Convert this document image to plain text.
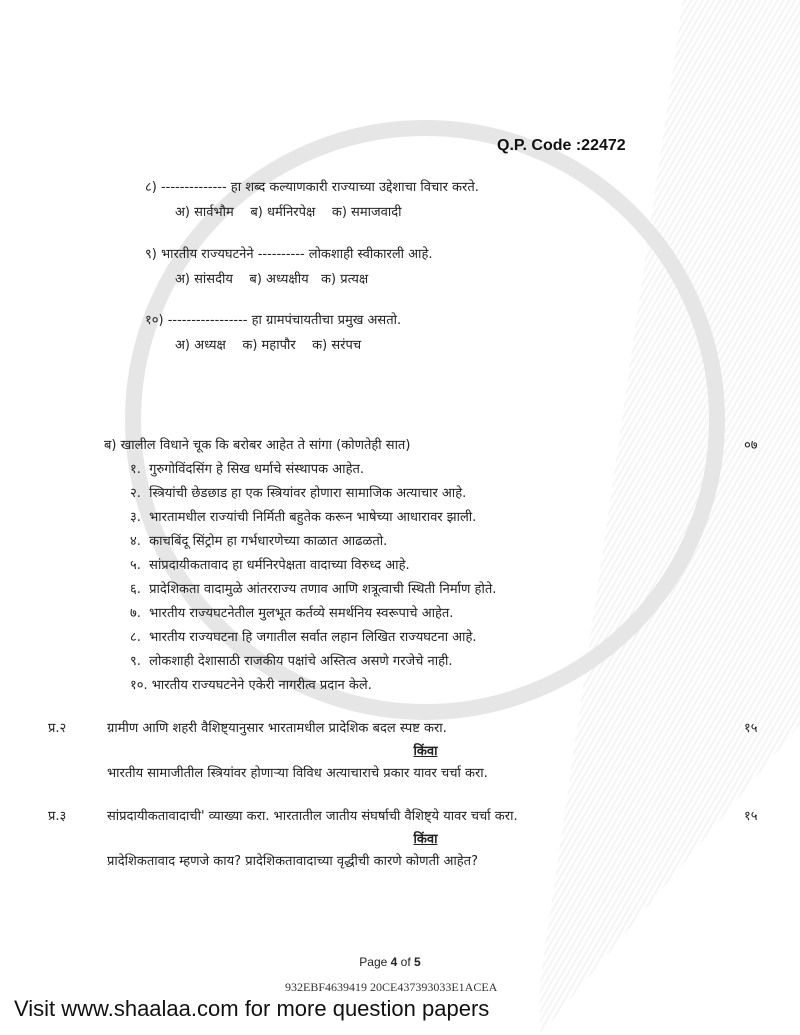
Q.P. Code :22472
८) -------------- हा शब्द कल्याणकारी राज्याच्या उद्देशाचा विचार करते.
अ) सार्वभौम    ब) धर्मनिरपेक्ष    क) समाजवादी
९) भारतीय राज्यघटनेने ---------- लोकशाही स्वीकारली आहे.
अ) सांसदीय    ब) अध्यक्षीय   क) प्रत्यक्ष
१०) ----------------- हा ग्रामपंचायतीचा प्रमुख असतो.
अ) अध्यक्ष    क) महापौर    क) सरंपच
ब) खालील विधाने चूक कि बरोबर आहेत ते सांगा (कोणतेही सात)	०७
१.  गुरुगोविंदसिंग हे सिख धर्माचे संस्थापक आहेत.
२.  स्त्रियांची छेडछाड हा एक स्त्रियांवर होणारा सामाजिक अत्याचार आहे.
३.  भारतामधील राज्यांची निर्मिती बहुतेक करून भाषेच्या आधारावर झाली.
४.  काचबिंदू सिंट्रोम हा गर्भधारणेच्या काळात आढळतो.
५.  सांप्रदायीकतावाद हा धर्मनिरपेक्षता वादाच्या विरुध्द आहे.
६.  प्रादेशिकता वादामुळे आंतरराज्य तणाव आणि शत्रूत्वाची स्थिती निर्माण होते.
७.  भारतीय राज्यघटनेतील मुलभूत कर्तव्ये समर्थनिय स्वरूपाचे आहेत.
८.  भारतीय राज्यघटना हि जगातील सर्वात लहान लिखित राज्यघटना आहे.
९.  लोकशाही देशासाठी राजकीय पक्षांचे अस्तित्व असणे गरजेचे नाही.
१०. भारतीय राज्यघटनेने एकेरी नागरीत्व प्रदान केले.
प्र.२	ग्रामीण आणि शहरी वैशिष्ट्यानुसार भारतामधील प्रादेशिक बदल स्पष्ट करा.	१५
किंवा
भारतीय सामाजीतील स्त्रियांवर होणाऱ्या विविध अत्याचाराचे प्रकार यावर चर्चा करा.
प्र.३	सांप्रदायीकतावादाची' व्याख्या करा. भारतातील जातीय संघर्षाची वैशिष्ट्ये यावर चर्चा करा.	१५
किंवा
प्रादेशिकतावाद म्हणजे काय? प्रादेशिकतावादाच्या वृद्धीची कारणे कोणती आहेत?
Page 4 of 5
932EBF4639419 20CE437393033E1ACEA
Visit www.shaalaa.com for more question papers
